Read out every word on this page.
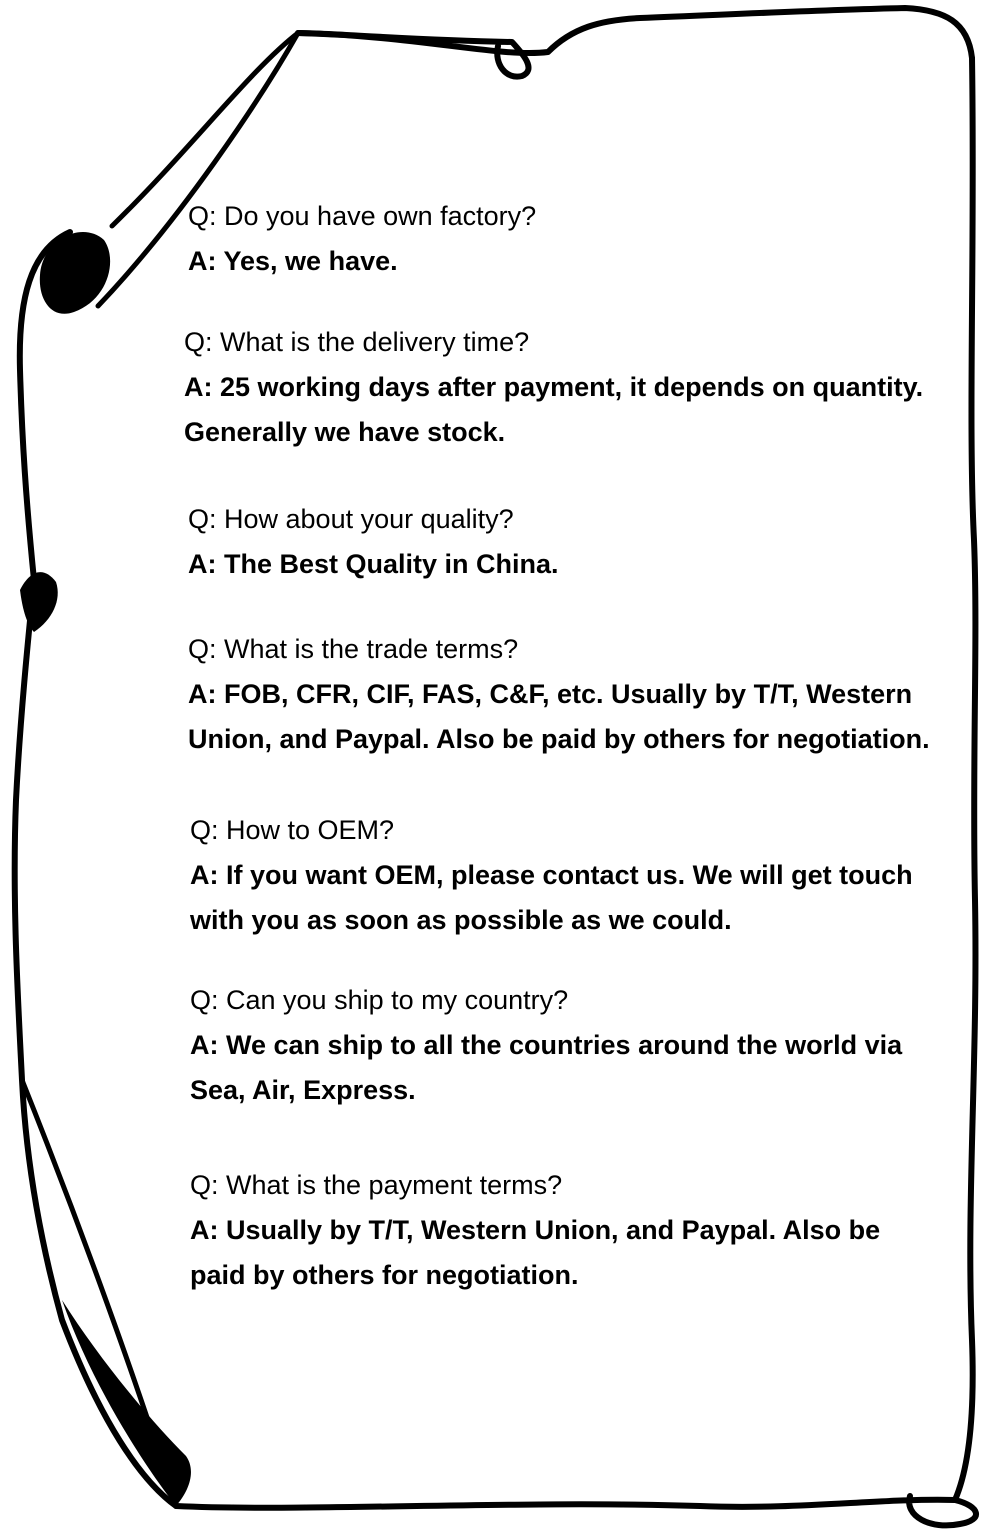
Q: Do you have own factory?
A: Yes, we have.
Q: What is the delivery time?
A: 25 working days after payment, it depends on quantity.
Generally we have stock.
Q: How about your quality?
A: The Best Quality in China.
Q: What is the trade terms?
A: FOB, CFR, CIF, FAS, C&F, etc. Usually by T/T, Western
Union, and Paypal. Also be paid by others for negotiation.
Q: How to OEM?
A: If you want OEM, please contact us. We will get touch
with you as soon as possible as we could.
Q: Can you ship to my country?
A: We can ship to all the countries around the world via
Sea, Air, Express.
Q: What is the payment terms?
A: Usually by T/T, Western Union, and Paypal. Also be
paid by others for negotiation.
